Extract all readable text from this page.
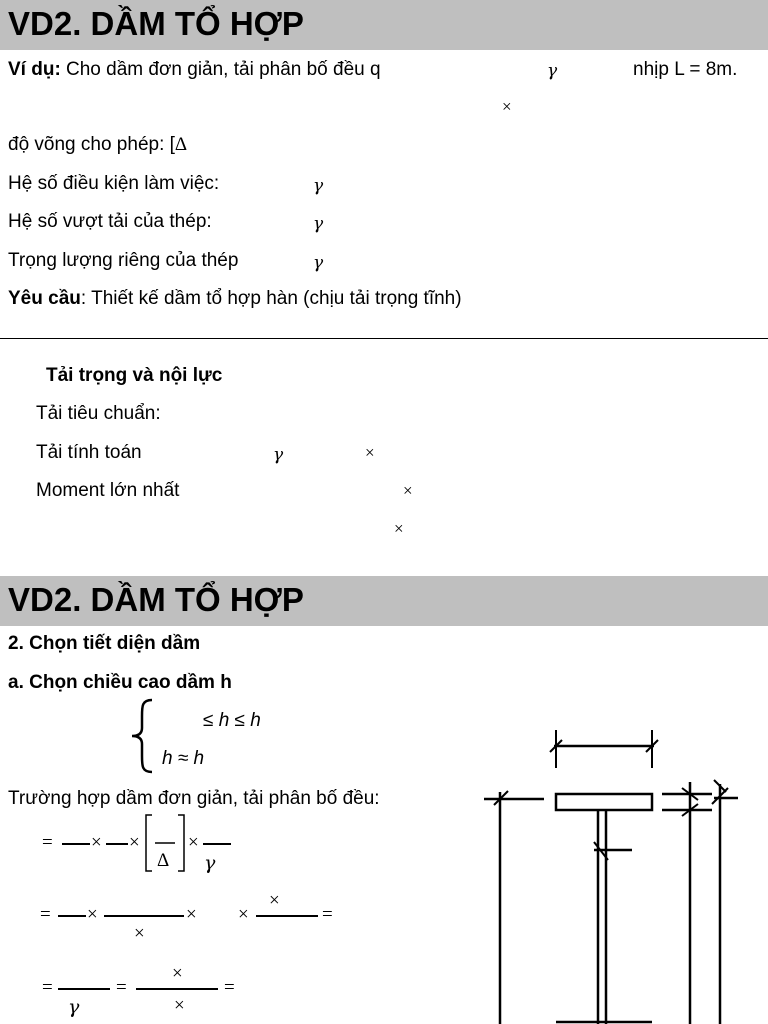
VD2. DẦM TỔ HỢP
Ví dụ: Cho dầm đơn giản, tải phân bố đều q	γ	nhịp L = 8m.
×
độ võng cho phép: [Δ
Hệ số điều kiện làm việc:	γ
Hệ số vượt tải của thép:	γ
Trọng lượng riêng của thép	γ
Yêu cầu: Thiết kế dầm tổ hợp hàn (chịu tải trọng tĩnh)
Tải trọng và nội lực
Tải tiêu chuẩn:
Tải tính toán	γ	×
Moment lớn nhất	×
×
VD2. DẦM TỔ HỢP
2. Chọn tiết diện dầm
a. Chọn chiều cao dầm h
≤ h ≤ h
h ≈ h
Trường hợp dầm đơn giản, tải phân bố đều:
= × ×
Δ
×
γ
= ×
×
× ×
×
=
=
γ
=
×
×
=
